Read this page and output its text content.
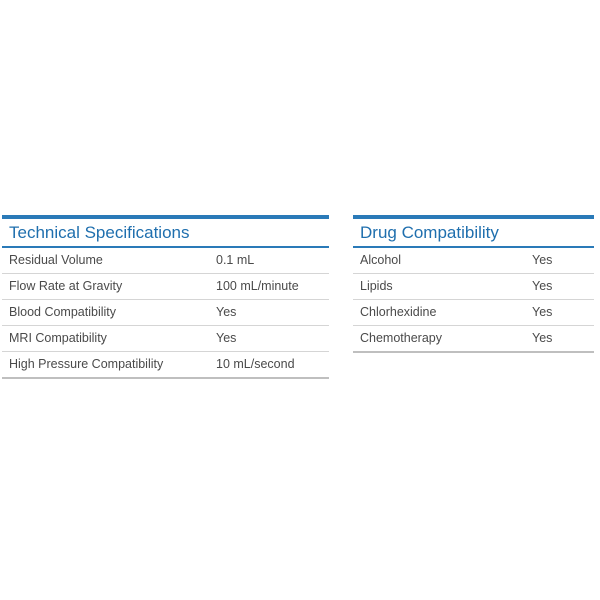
Technical Specifications
Residual Volume	0.1 mL
Flow Rate at Gravity	100 mL/minute
Blood Compatibility	Yes
MRI Compatibility	Yes
High Pressure Compatibility	10 mL/second
Drug Compatibility
Alcohol	Yes
Lipids	Yes
Chlorhexidine	Yes
Chemotherapy	Yes
